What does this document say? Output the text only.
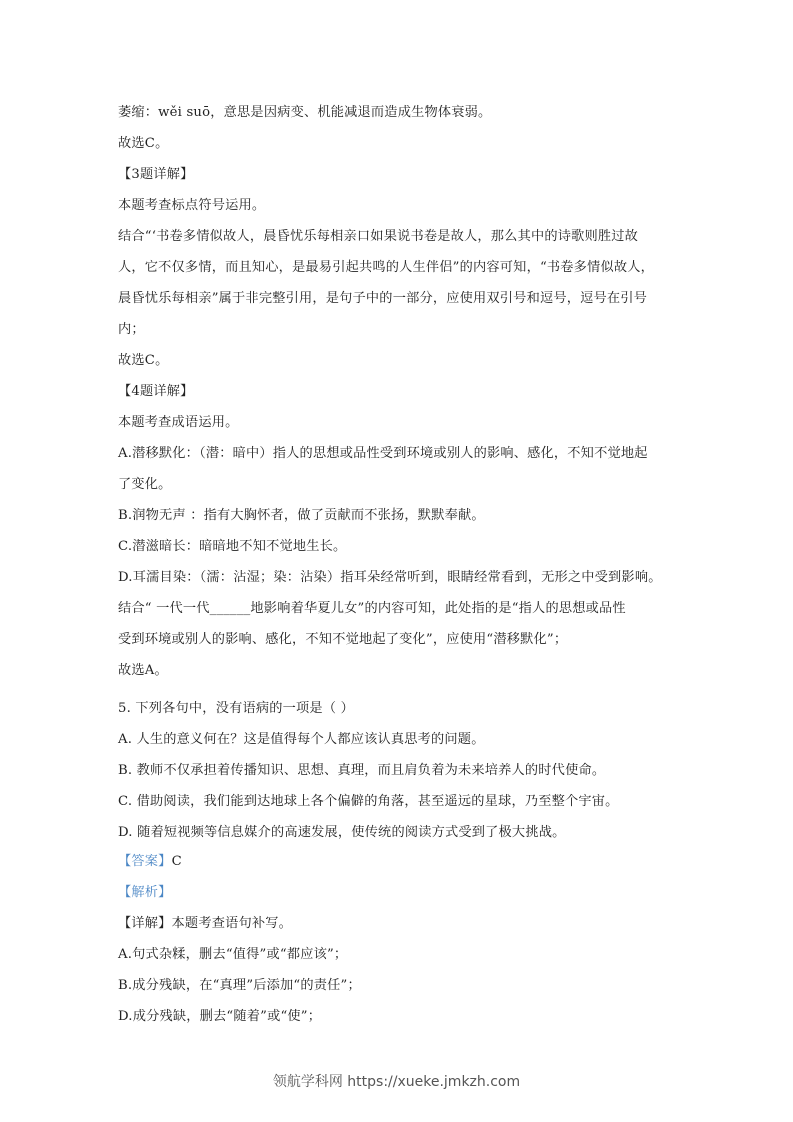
萎缩：wěi suō，意思是因病变、机能减退而造成生物体衰弱。
故选C。
【3题详解】
本题考查标点符号运用。
结合“‘书卷多情似故人，晨昏忧乐每相亲口如果说书卷是故人，那么其中的诗歌则胜过故
人，它不仅多情，而且知心，是最易引起共鸣的人生伴侣”的内容可知，“书卷多情似故人，
晨昏忧乐每相亲”属于非完整引用，是句子中的一部分，应使用双引号和逗号，逗号在引号
内；
故选C。
【4题详解】
本题考查成语运用。
A.潜移默化：（潜：暗中）指人的思想或品性受到环境或别人的影响、感化，不知不觉地起
了变化。
B.润物无声 ：指有大胸怀者，做了贡献而不张扬，默默奉献。
C.潜滋暗长：暗暗地不知不觉地生长。
D.耳濡目染：（濡：沾湿；染：沾染）指耳朵经常听到，眼睛经常看到，无形之中受到影响。
结合“ 一代一代______地影响着华夏儿女”的内容可知，此处指的是“指人的思想或品性
受到环境或别人的影响、感化，不知不觉地起了变化”，应使用“潜移默化”；
故选A。
5. 下列各句中，没有语病的一项是（ ）
A. 人生的意义何在？这是值得每个人都应该认真思考的问题。
B. 教师不仅承担着传播知识、思想、真理，而且肩负着为未来培养人的时代使命。
C. 借助阅读，我们能到达地球上各个偏僻的角落，甚至遥远的星球，乃至整个宇宙。
D. 随着短视频等信息媒介的高速发展，使传统的阅读方式受到了极大挑战。
【答案】C
【解析】
【详解】本题考查语句补写。
A.句式杂糅，删去“值得”或“都应该”；
B.成分残缺，在“真理”后添加“的责任”；
D.成分残缺，删去“随着”或“使”；
领航学科网 https://xueke.jmkzh.com
